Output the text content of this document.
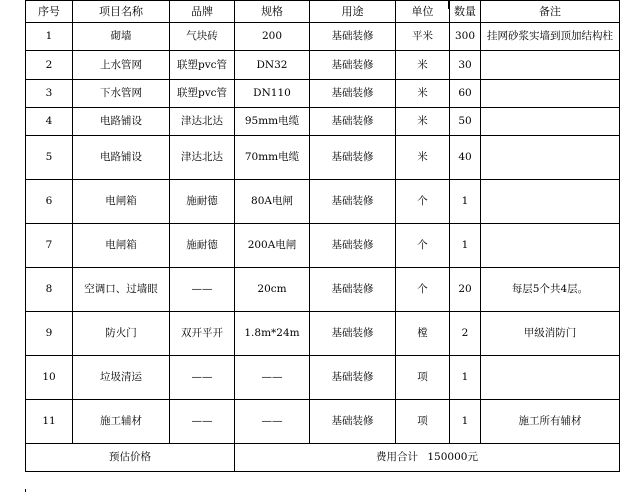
序号	项目名称	品牌	规格	用途	单位	数量	备注
1	砌墙	气块砖	200	基础装修	平米	300	挂网砂浆实墙到顶加结构柱
2	上水管网	联塑pvc管	DN32	基础装修	米	30	
3	下水管网	联塑pvc管	DN110	基础装修	米	60	
4	电路铺设	津达北达	95mm电缆	基础装修	米	50	
5	电路铺设	津达北达	70mm电缆	基础装修	米	40	
6	电闸箱	施耐德	80A电闸	基础装修	个	1	
7	电闸箱	施耐德	200A电闸	基础装修	个	1	
8	空调口、过墙眼	——	20cm	基础装修	个	20	每层5个共4层。
9	防火门	双开平开	1.8m*24m	基础装修	樘	2	甲级消防门
10	垃圾清运	——	——	基础装修	项	1	
11	施工辅材	——	——	基础装修	项	1	施工所有辅材
预估价格			费用合计 150000元				
